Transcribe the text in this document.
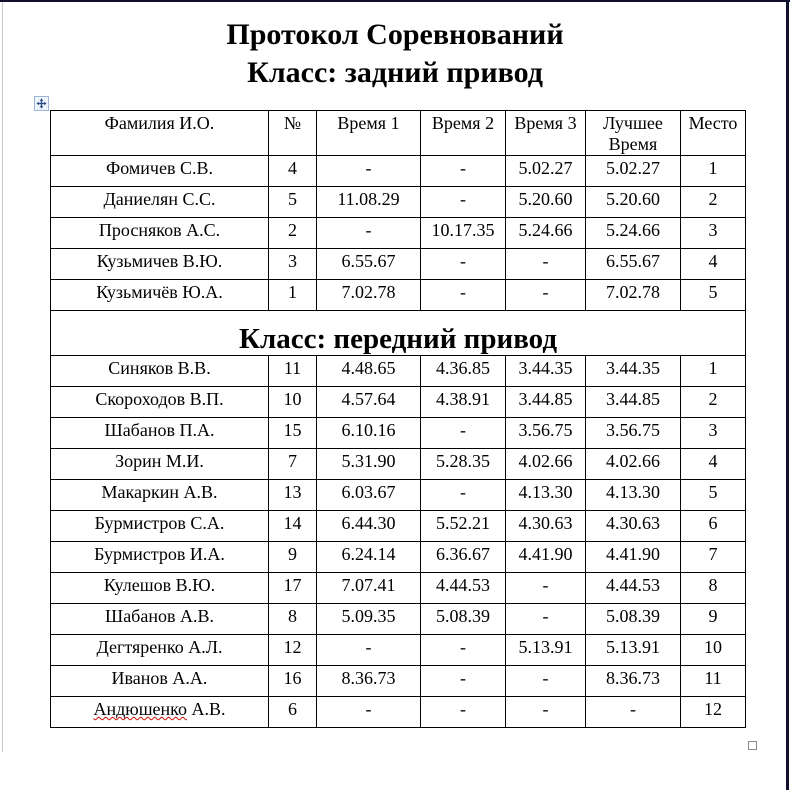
Протокол Соревнований
Класс: задний привод
Фамилия И.О.	№	Время 1	Время 2	Время 3	Лучшее Время	Место
Фомичев С.В.	4	-	-	5.02.27	5.02.27	1
Даниелян С.С.	5	11.08.29	-	5.20.60	5.20.60	2
Просняков А.С.	2	-	10.17.35	5.24.66	5.24.66	3
Кузьмичев В.Ю.	3	6.55.67	-	-	6.55.67	4
Кузьмичёв Ю.А.	1	7.02.78	-	-	7.02.78	5
Класс: передний привод						
Синяков В.В.	11	4.48.65	4.36.85	3.44.35	3.44.35	1
Скороходов В.П.	10	4.57.64	4.38.91	3.44.85	3.44.85	2
Шабанов П.А.	15	6.10.16	-	3.56.75	3.56.75	3
Зорин М.И.	7	5.31.90	5.28.35	4.02.66	4.02.66	4
Макаркин А.В.	13	6.03.67	-	4.13.30	4.13.30	5
Бурмистров С.А.	14	6.44.30	5.52.21	4.30.63	4.30.63	6
Бурмистров И.А.	9	6.24.14	6.36.67	4.41.90	4.41.90	7
Кулешов В.Ю.	17	7.07.41	4.44.53	-	4.44.53	8
Шабанов А.В.	8	5.09.35	5.08.39	-	5.08.39	9
Дегтяренко А.Л.	12	-	-	5.13.91	5.13.91	10
Иванов А.А.	16	8.36.73	-	-	8.36.73	11
Андюшенко А.В.	6	-	-	-	-	12
